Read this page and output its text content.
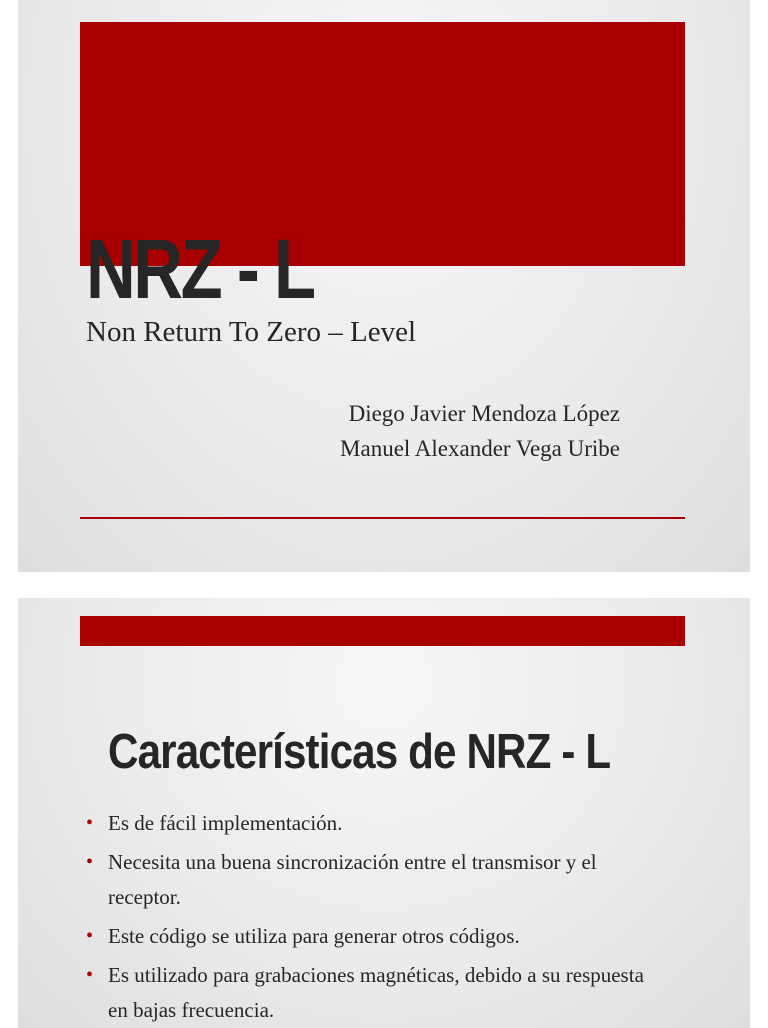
NRZ - L

Non Return To Zero – Level

Diego Javier Mendoza López
Manuel Alexander Vega Uribe
Características de NRZ - L
• Es de fácil implementación.
• Necesita una buena sincronización entre el transmisor y el receptor.
• Este código se utiliza para generar otros códigos.
• Es utilizado para grabaciones magnéticas, debido a su respuesta en bajas frecuencia.
